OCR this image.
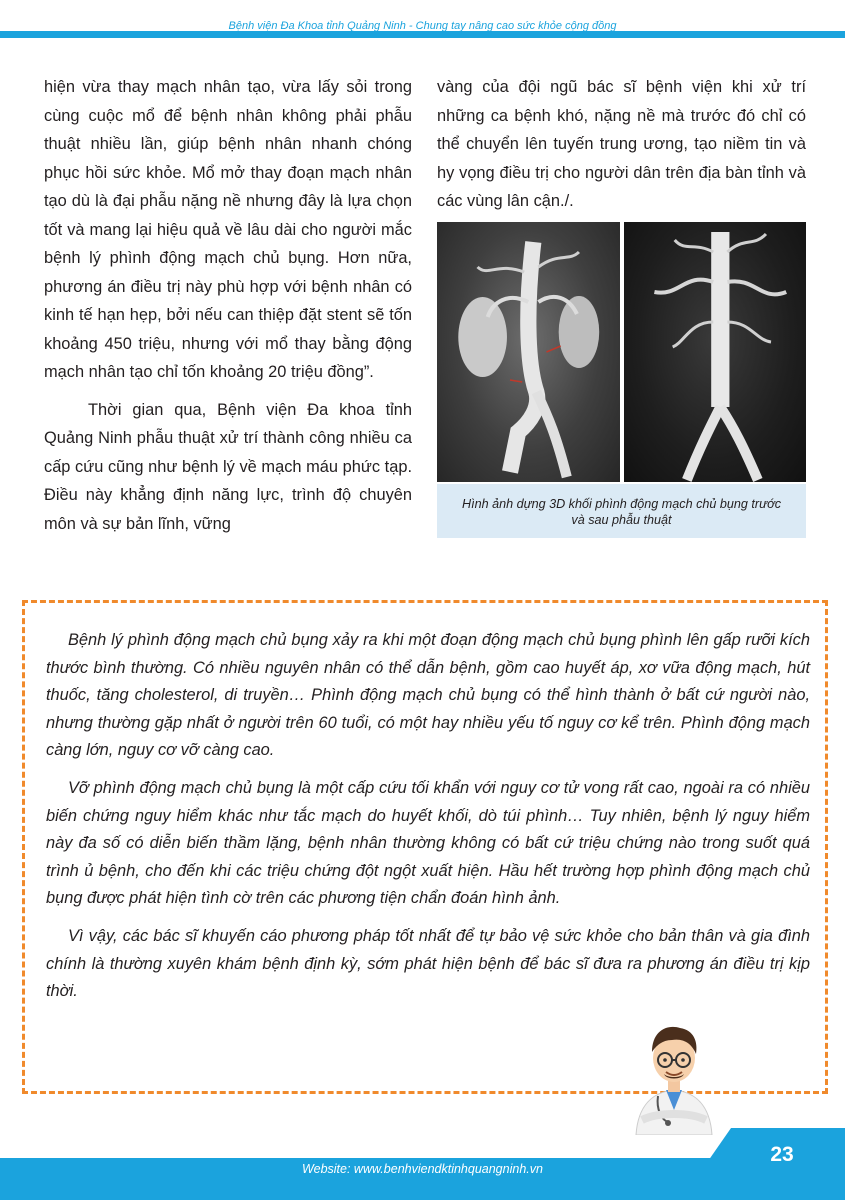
Bệnh viện Đa Khoa tỉnh Quảng Ninh - Chung tay nâng cao sức khỏe cộng đồng

hiện vừa thay mạch nhân tạo, vừa lấy sỏi trong cùng cuộc mổ để bệnh nhân không phải phẫu thuật nhiều lần, giúp bệnh nhân nhanh chóng phục hồi sức khỏe. Mổ mở thay đoạn mạch nhân tạo dù là đại phẫu nặng nề nhưng đây là lựa chọn tốt và mang lại hiệu quả về lâu dài cho người mắc bệnh lý phình động mạch chủ bụng. Hơn nữa, phương án điều trị này phù hợp với bệnh nhân có kinh tế hạn hẹp, bởi nếu can thiệp đặt stent sẽ tốn khoảng 450 triệu, nhưng với mổ thay bằng động mạch nhân tạo chỉ tốn khoảng 20 triệu đồng”.

Thời gian qua, Bệnh viện Đa khoa tỉnh Quảng Ninh phẫu thuật xử trí thành công nhiều ca cấp cứu cũng như bệnh lý về mạch máu phức tạp. Điều này khẳng định năng lực, trình độ chuyên môn và sự bản lĩnh, vững

vàng của đội ngũ bác sĩ bệnh viện khi xử trí những ca bệnh khó, nặng nề mà trước đó chỉ có thể chuyển lên tuyến trung ương, tạo niềm tin và hy vọng điều trị cho người dân trên địa bàn tỉnh và các vùng lân cận./.

Hình ảnh dựng 3D khối phình động mạch chủ bụng trước và sau phẫu thuật

Bệnh lý phình động mạch chủ bụng xảy ra khi một đoạn động mạch chủ bụng phình lên gấp rưỡi kích thước bình thường. Có nhiều nguyên nhân có thể dẫn bệnh, gồm cao huyết áp, xơ vữa động mạch, hút thuốc, tăng cholesterol, di truyền… Phình động mạch chủ bụng có thể hình thành ở bất cứ người nào, nhưng thường gặp nhất ở người trên 60 tuổi, có một hay nhiều yếu tố nguy cơ kể trên. Phình động mạch càng lớn, nguy cơ vỡ càng cao.

Vỡ phình động mạch chủ bụng là một cấp cứu tối khẩn với nguy cơ tử vong rất cao, ngoài ra có nhiều biến chứng nguy hiểm khác như tắc mạch do huyết khối, dò túi phình… Tuy nhiên, bệnh lý nguy hiểm này đa số có diễn biến thầm lặng, bệnh nhân thường không có bất cứ triệu chứng nào trong suốt quá trình ủ bệnh, cho đến khi các triệu chứng đột ngột xuất hiện. Hầu hết trường hợp phình động mạch chủ bụng được phát hiện tình cờ trên các phương tiện chẩn đoán hình ảnh.

Vì vậy, các bác sĩ khuyến cáo phương pháp tốt nhất để tự bảo vệ sức khỏe cho bản thân và gia đình chính là thường xuyên khám bệnh định kỳ, sớm phát hiện bệnh để bác sĩ đưa ra phương án điều trị kịp thời.

Website: www.benhviendktinhquangninh.vn
23
